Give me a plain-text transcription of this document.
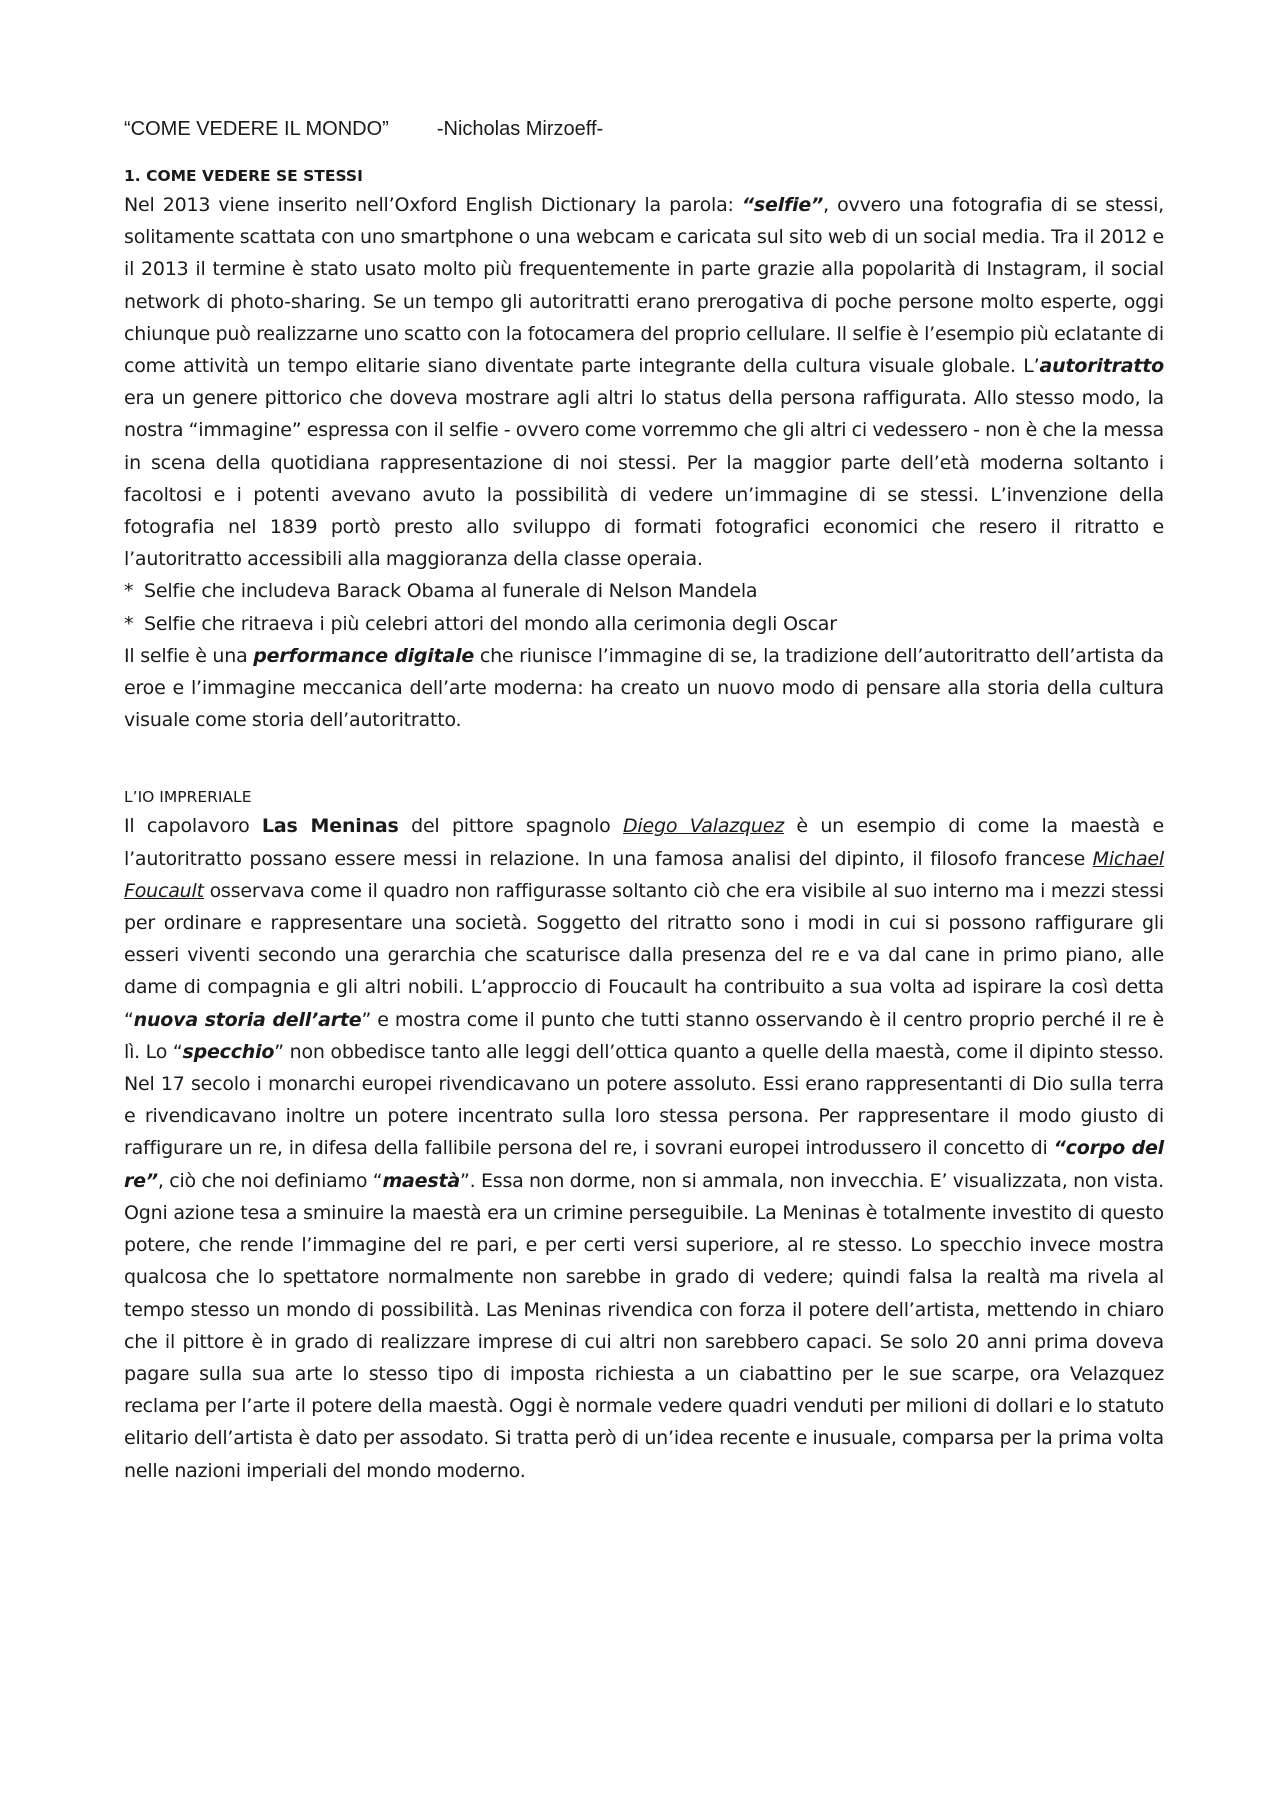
“COME VEDERE IL MONDO” -Nicholas Mirzoeff-
1. COME VEDERE SE STESSI

Nel 2013 viene inserito nell’Oxford English Dictionary la parola: “selfie”, ovvero una fotografia di se stessi, solitamente scattata con uno smartphone o una webcam e caricata sul sito web di un social media. Tra il 2012 e il 2013 il termine è stato usato molto più frequentemente in parte grazie alla popolarità di Instagram, il social network di photo-sharing. Se un tempo gli autoritratti erano prerogativa di poche persone molto esperte, oggi chiunque può realizzarne uno scatto con la fotocamera del proprio cellulare. Il selfie è l’esempio più eclatante di come attività un tempo elitarie siano diventate parte integrante della cultura visuale globale. L’autoritratto era un genere pittorico che doveva mostrare agli altri lo status della persona raffigurata. Allo stesso modo, la nostra “immagine” espressa con il selfie - ovvero come vorremmo che gli altri ci vedessero - non è che la messa in scena della quotidiana rappresentazione di noi stessi. Per la maggior parte dell’età moderna soltanto i facoltosi e i potenti avevano avuto la possibilità di vedere un’immagine di se stessi. L’invenzione della fotografia nel 1839 portò presto allo sviluppo di formati fotografici economici che resero il ritratto e l’autoritratto accessibili alla maggioranza della classe operaia.

* Selfie che includeva Barack Obama al funerale di Nelson Mandela
* Selfie che ritraeva i più celebri attori del mondo alla cerimonia degli Oscar

Il selfie è una performance digitale che riunisce l’immagine di se, la tradizione dell’autoritratto dell’artista da eroe e l’immagine meccanica dell’arte moderna: ha creato un nuovo modo di pensare alla storia della cultura visuale come storia dell’autoritratto.

L’IO IMPRERIALE

Il capolavoro Las Meninas del pittore spagnolo Diego Valazquez è un esempio di come la maestà e l’autoritratto possano essere messi in relazione. In una famosa analisi del dipinto, il filosofo francese Michael Foucault osservava come il quadro non raffigurasse soltanto ciò che era visibile al suo interno ma i mezzi stessi per ordinare e rappresentare una società. Soggetto del ritratto sono i modi in cui si possono raffigurare gli esseri viventi secondo una gerarchia che scaturisce dalla presenza del re e va dal cane in primo piano, alle dame di compagnia e gli altri nobili. L’approccio di Foucault ha contribuito a sua volta ad ispirare la così detta “nuova storia dell’arte” e mostra come il punto che tutti stanno osservando è il centro proprio perché il re è lì. Lo “specchio” non obbedisce tanto alle leggi dell’ottica quanto a quelle della maestà, come il dipinto stesso. Nel 17 secolo i monarchi europei rivendicavano un potere assoluto. Essi erano rappresentanti di Dio sulla terra e rivendicavano inoltre un potere incentrato sulla loro stessa persona. Per rappresentare il modo giusto di raffigurare un re, in difesa della fallibile persona del re, i sovrani europei introdussero il concetto di “corpo del re”, ciò che noi definiamo “maestà”. Essa non dorme, non si ammala, non invecchia. E’ visualizzata, non vista. Ogni azione tesa a sminuire la maestà era un crimine perseguibile. La Meninas è totalmente investito di questo potere, che rende l’immagine del re pari, e per certi versi superiore, al re stesso. Lo specchio invece mostra qualcosa che lo spettatore normalmente non sarebbe in grado di vedere; quindi falsa la realtà ma rivela al tempo stesso un mondo di possibilità. Las Meninas rivendica con forza il potere dell’artista, mettendo in chiaro che il pittore è in grado di realizzare imprese di cui altri non sarebbero capaci. Se solo 20 anni prima doveva pagare sulla sua arte lo stesso tipo di imposta richiesta a un ciabattino per le sue scarpe, ora Velazquez reclama per l’arte il potere della maestà. Oggi è normale vedere quadri venduti per milioni di dollari e lo statuto elitario dell’artista è dato per assodato. Si tratta però di un’idea recente e inusuale, comparsa per la prima volta nelle nazioni imperiali del mondo moderno.
